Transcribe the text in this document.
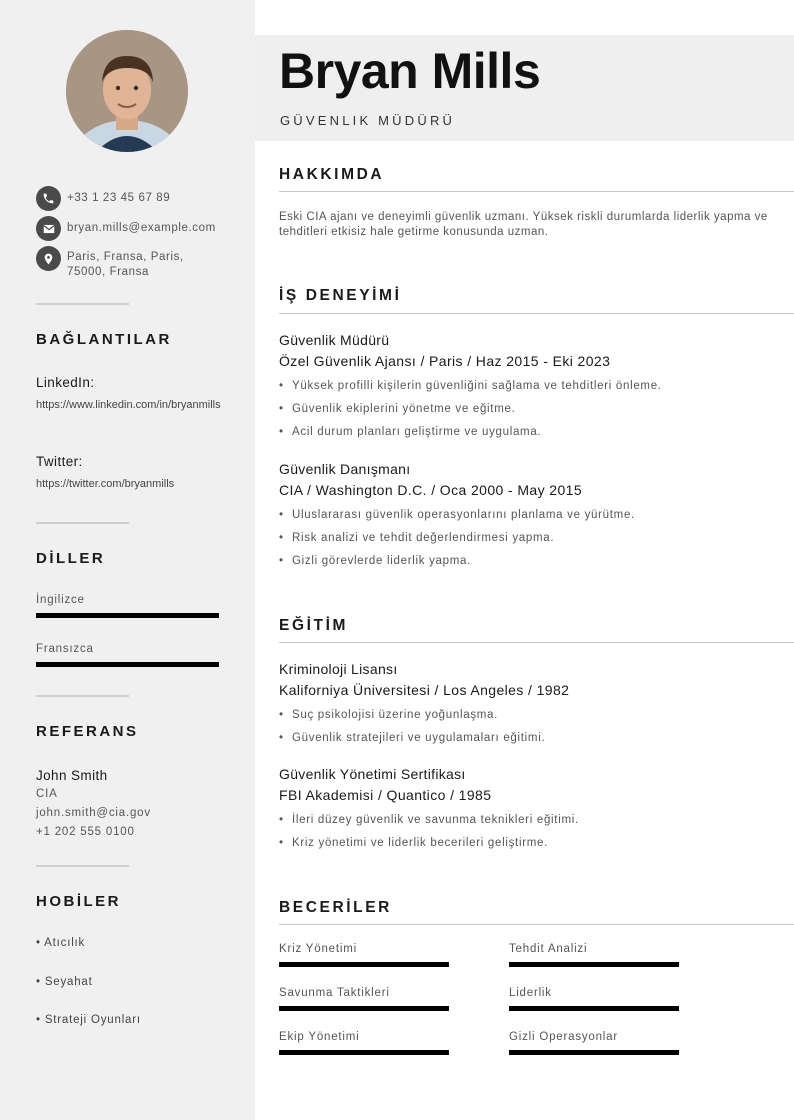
+33 1 23 45 67 89
bryan.mills@example.com
Paris, Fransa, Paris,
75000, Fransa
BAĞLANTILAR
LinkedIn:
https://www.linkedin.com/in/bryanmills
Twitter:
https://twitter.com/bryanmills
DİLLER
İngilizce
Fransızca
REFERANS
John Smith
CIA
john.smith@cia.gov
+1 202 555 0100
HOBİLER
• Atıcılık
• Seyahat
• Strateji Oyunları
Bryan Mills
GÜVENLIK MÜDÜRÜ
HAKKIMDA
Eski CIA ajanı ve deneyimli güvenlik uzmanı. Yüksek riskli durumlarda liderlik yapma ve tehditleri etkisiz hale getirme konusunda uzman.
İŞ DENEYİMİ
Güvenlik Müdürü
Özel Güvenlik Ajansı / Paris / Haz 2015 - Eki 2023
• Yüksek profilli kişilerin güvenliğini sağlama ve tehditleri önleme.
• Güvenlik ekiplerini yönetme ve eğitme.
• Acil durum planları geliştirme ve uygulama.
Güvenlik Danışmanı
CIA / Washington D.C. / Oca 2000 - May 2015
• Uluslararası güvenlik operasyonlarını planlama ve yürütme.
• Risk analizi ve tehdit değerlendirmesi yapma.
• Gizli görevlerde liderlik yapma.
EĞİTİM
Kriminoloji Lisansı
Kaliforniya Üniversitesi / Los Angeles / 1982
• Suç psikolojisi üzerine yoğunlaşma.
• Güvenlik stratejileri ve uygulamaları eğitimi.
Güvenlik Yönetimi Sertifikası
FBI Akademisi / Quantico / 1985
• İleri düzey güvenlik ve savunma teknikleri eğitimi.
• Kriz yönetimi ve liderlik becerileri geliştirme.
BECERİLER
Kriz Yönetimi	Tehdit Analizi
Savunma Taktikleri	Liderlik
Ekip Yönetimi	Gizli Operasyonlar
